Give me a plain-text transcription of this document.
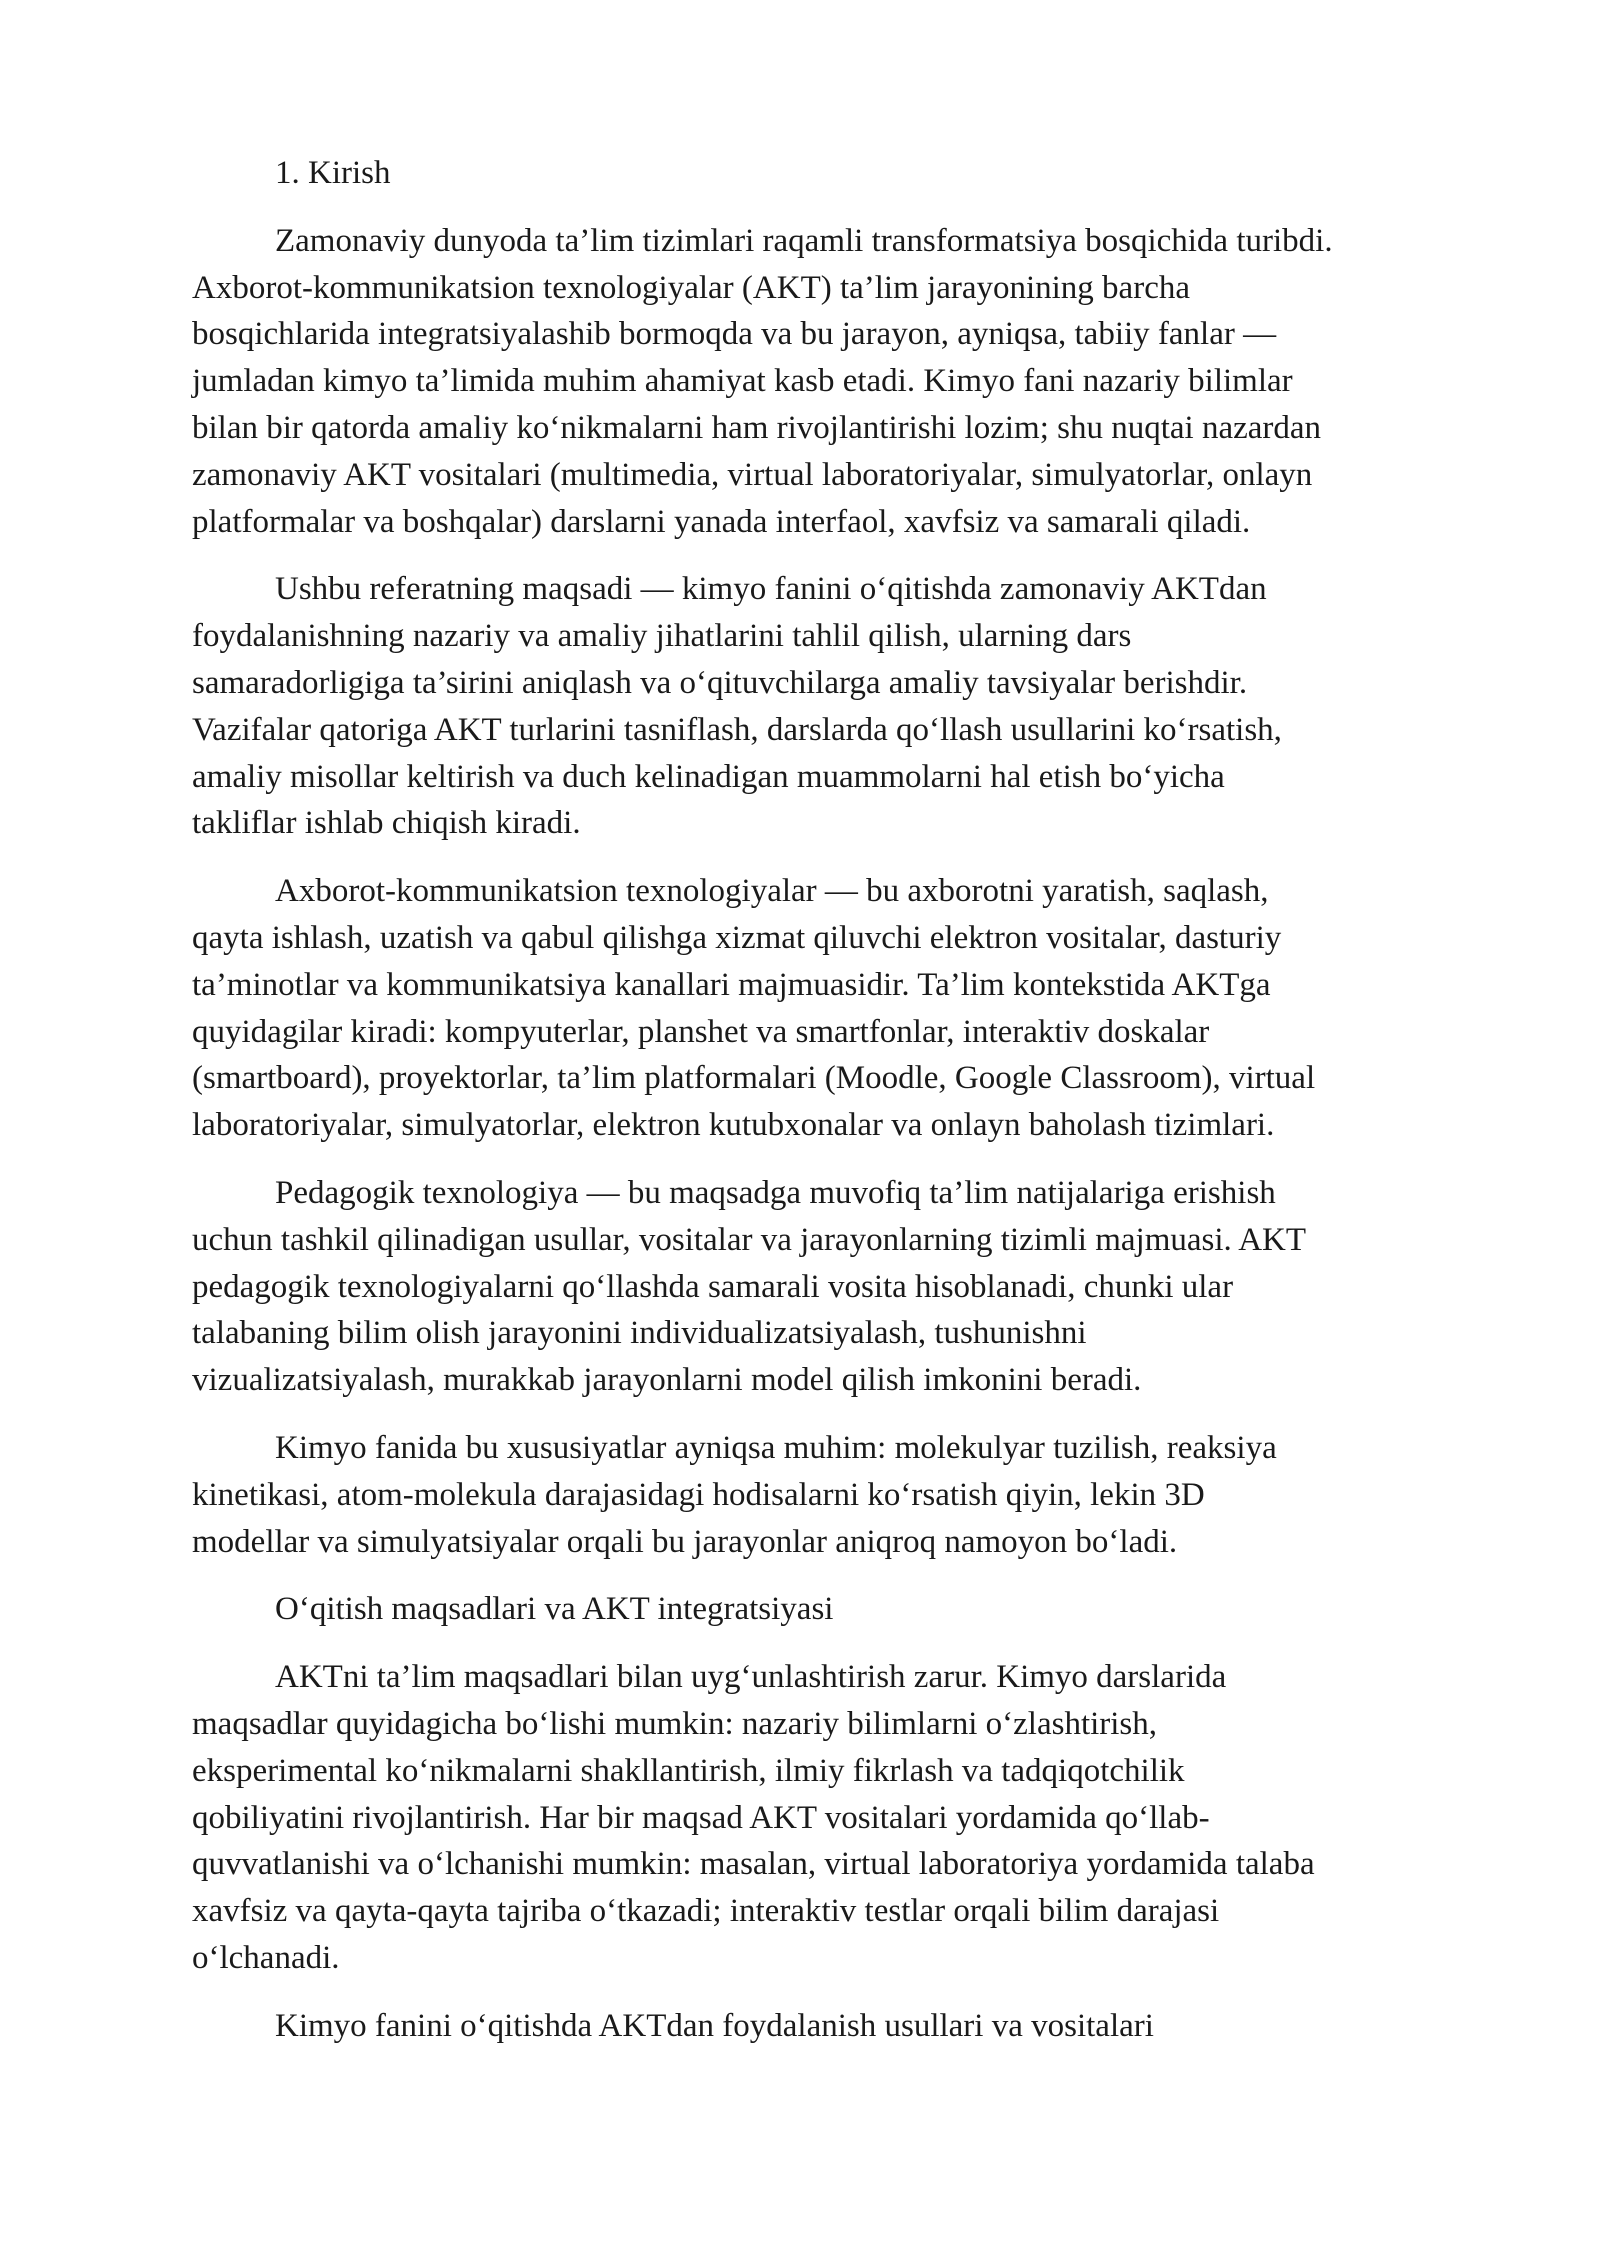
1. Kirish

Zamonaviy dunyoda ta’lim tizimlari raqamli transformatsiya bosqichida turibdi.
Axborot-kommunikatsion texnologiyalar (AKT) ta’lim jarayonining barcha
bosqichlarida integratsiyalashib bormoqda va bu jarayon, ayniqsa, tabiiy fanlar —
jumladan kimyo ta’limida muhim ahamiyat kasb etadi. Kimyo fani nazariy bilimlar
bilan bir qatorda amaliy ko‘nikmalarni ham rivojlantirishi lozim; shu nuqtai nazardan
zamonaviy AKT vositalari (multimedia, virtual laboratoriyalar, simulyatorlar, onlayn
platformalar va boshqalar) darslarni yanada interfaol, xavfsiz va samarali qiladi.

Ushbu referatning maqsadi — kimyo fanini o‘qitishda zamonaviy AKTdan
foydalanishning nazariy va amaliy jihatlarini tahlil qilish, ularning dars
samaradorligiga ta’sirini aniqlash va o‘qituvchilarga amaliy tavsiyalar berishdir.
Vazifalar qatoriga AKT turlarini tasniflash, darslarda qo‘llash usullarini ko‘rsatish,
amaliy misollar keltirish va duch kelinadigan muammolarni hal etish bo‘yicha
takliflar ishlab chiqish kiradi.

Axborot-kommunikatsion texnologiyalar — bu axborotni yaratish, saqlash,
qayta ishlash, uzatish va qabul qilishga xizmat qiluvchi elektron vositalar, dasturiy
ta’minotlar va kommunikatsiya kanallari majmuasidir. Ta’lim kontekstida AKTga
quyidagilar kiradi: kompyuterlar, planshet va smartfonlar, interaktiv doskalar
(smartboard), proyektorlar, ta’lim platformalari (Moodle, Google Classroom), virtual
laboratoriyalar, simulyatorlar, elektron kutubxonalar va onlayn baholash tizimlari.

Pedagogik texnologiya — bu maqsadga muvofiq ta’lim natijalariga erishish
uchun tashkil qilinadigan usullar, vositalar va jarayonlarning tizimli majmuasi. AKT
pedagogik texnologiyalarni qo‘llashda samarali vosita hisoblanadi, chunki ular
talabaning bilim olish jarayonini individualizatsiyalash, tushunishni
vizualizatsiyalash, murakkab jarayonlarni model qilish imkonini beradi.

Kimyo fanida bu xususiyatlar ayniqsa muhim: molekulyar tuzilish, reaksiya
kinetikasi, atom-molekula darajasidagi hodisalarni ko‘rsatish qiyin, lekin 3D
modellar va simulyatsiyalar orqali bu jarayonlar aniqroq namoyon bo‘ladi.

O‘qitish maqsadlari va AKT integratsiyasi

AKTni ta’lim maqsadlari bilan uyg‘unlashtirish zarur. Kimyo darslarida
maqsadlar quyidagicha bo‘lishi mumkin: nazariy bilimlarni o‘zlashtirish,
eksperimental ko‘nikmalarni shakllantirish, ilmiy fikrlash va tadqiqotchilik
qobiliyatini rivojlantirish. Har bir maqsad AKT vositalari yordamida qo‘llab-
quvvatlanishi va o‘lchanishi mumkin: masalan, virtual laboratoriya yordamida talaba
xavfsiz va qayta-qayta tajriba o‘tkazadi; interaktiv testlar orqali bilim darajasi
o‘lchanadi.

Kimyo fanini o‘qitishda AKTdan foydalanish usullari va vositalari
